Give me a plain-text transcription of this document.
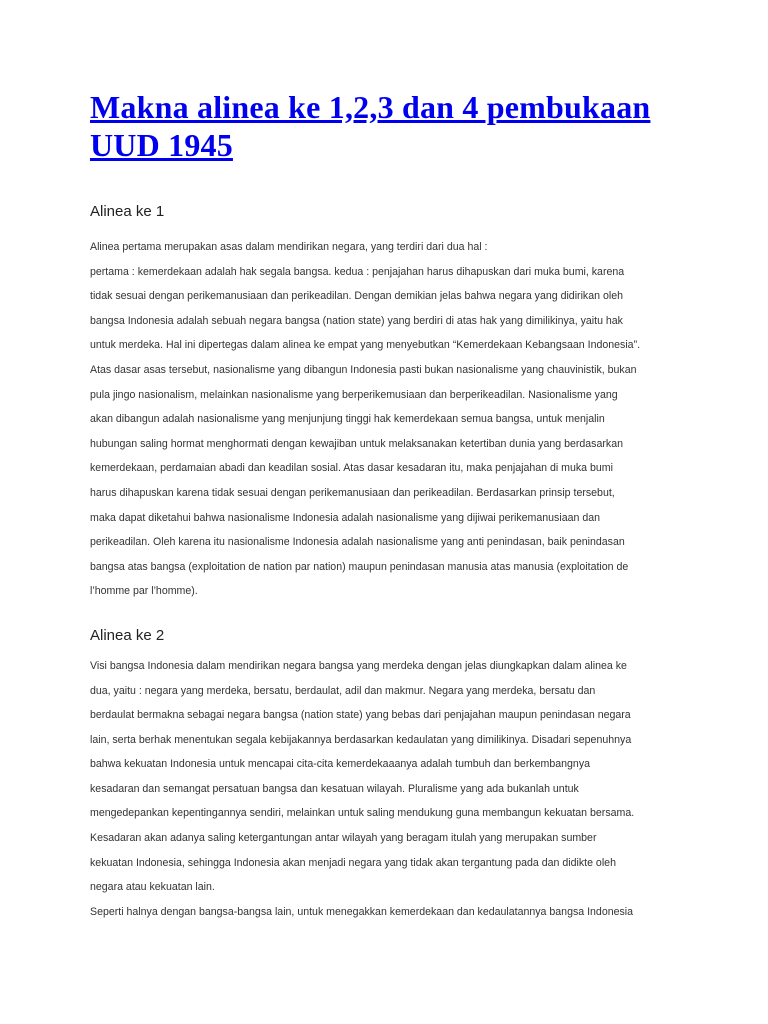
Makna alinea ke 1,2,3 dan 4 pembukaan
UUD 1945
Alinea ke 1

Alinea pertama merupakan asas dalam mendirikan negara, yang terdiri dari dua hal :
pertama : kemerdekaan adalah hak segala bangsa. kedua : penjajahan harus dihapuskan dari muka bumi, karena
tidak sesuai dengan perikemanusiaan dan perikeadilan. Dengan demikian jelas bahwa negara yang didirikan oleh
bangsa Indonesia adalah sebuah negara bangsa (nation state) yang berdiri di atas hak yang dimilikinya, yaitu hak
untuk merdeka. Hal ini dipertegas dalam alinea ke empat yang menyebutkan “Kemerdekaan Kebangsaan Indonesia”.
Atas dasar asas tersebut, nasionalisme yang dibangun Indonesia pasti bukan nasionalisme yang chauvinistik, bukan
pula jingo nasionalism, melainkan nasionalisme yang berperikemusiaan dan berperikeadilan. Nasionalisme yang
akan dibangun adalah nasionalisme yang menjunjung tinggi hak kemerdekaan semua bangsa, untuk menjalin
hubungan saling hormat menghormati dengan kewajiban untuk melaksanakan ketertiban dunia yang berdasarkan
kemerdekaan, perdamaian abadi dan keadilan sosial. Atas dasar kesadaran itu, maka penjajahan di muka bumi
harus dihapuskan karena tidak sesuai dengan perikemanusiaan dan perikeadilan. Berdasarkan prinsip tersebut,
maka dapat diketahui bahwa nasionalisme Indonesia adalah nasionalisme yang dijiwai perikemanusiaan dan
perikeadilan. Oleh karena itu nasionalisme Indonesia adalah nasionalisme yang anti penindasan, baik penindasan
bangsa atas bangsa (exploitation de nation par nation) maupun penindasan manusia atas manusia (exploitation de
l’homme par l’homme).

Alinea ke 2

Visi bangsa Indonesia dalam mendirikan negara bangsa yang merdeka dengan jelas diungkapkan dalam alinea ke
dua, yaitu : negara yang merdeka, bersatu, berdaulat, adil dan makmur. Negara yang merdeka, bersatu dan
berdaulat bermakna sebagai negara bangsa (nation state) yang bebas dari penjajahan maupun penindasan negara
lain, serta berhak menentukan segala kebijakannya berdasarkan kedaulatan yang dimilikinya. Disadari sepenuhnya
bahwa kekuatan Indonesia untuk mencapai cita-cita kemerdekaaanya adalah tumbuh dan berkembangnya
kesadaran dan semangat persatuan bangsa dan kesatuan wilayah. Pluralisme yang ada bukanlah untuk
mengedepankan kepentingannya sendiri, melainkan untuk saling mendukung guna membangun kekuatan bersama.
Kesadaran akan adanya saling ketergantungan antar wilayah yang beragam itulah yang merupakan sumber
kekuatan Indonesia, sehingga Indonesia akan menjadi negara yang tidak akan tergantung pada dan didikte oleh
negara atau kekuatan lain.

Seperti halnya dengan bangsa-bangsa lain, untuk menegakkan kemerdekaan dan kedaulatannya bangsa Indonesia
